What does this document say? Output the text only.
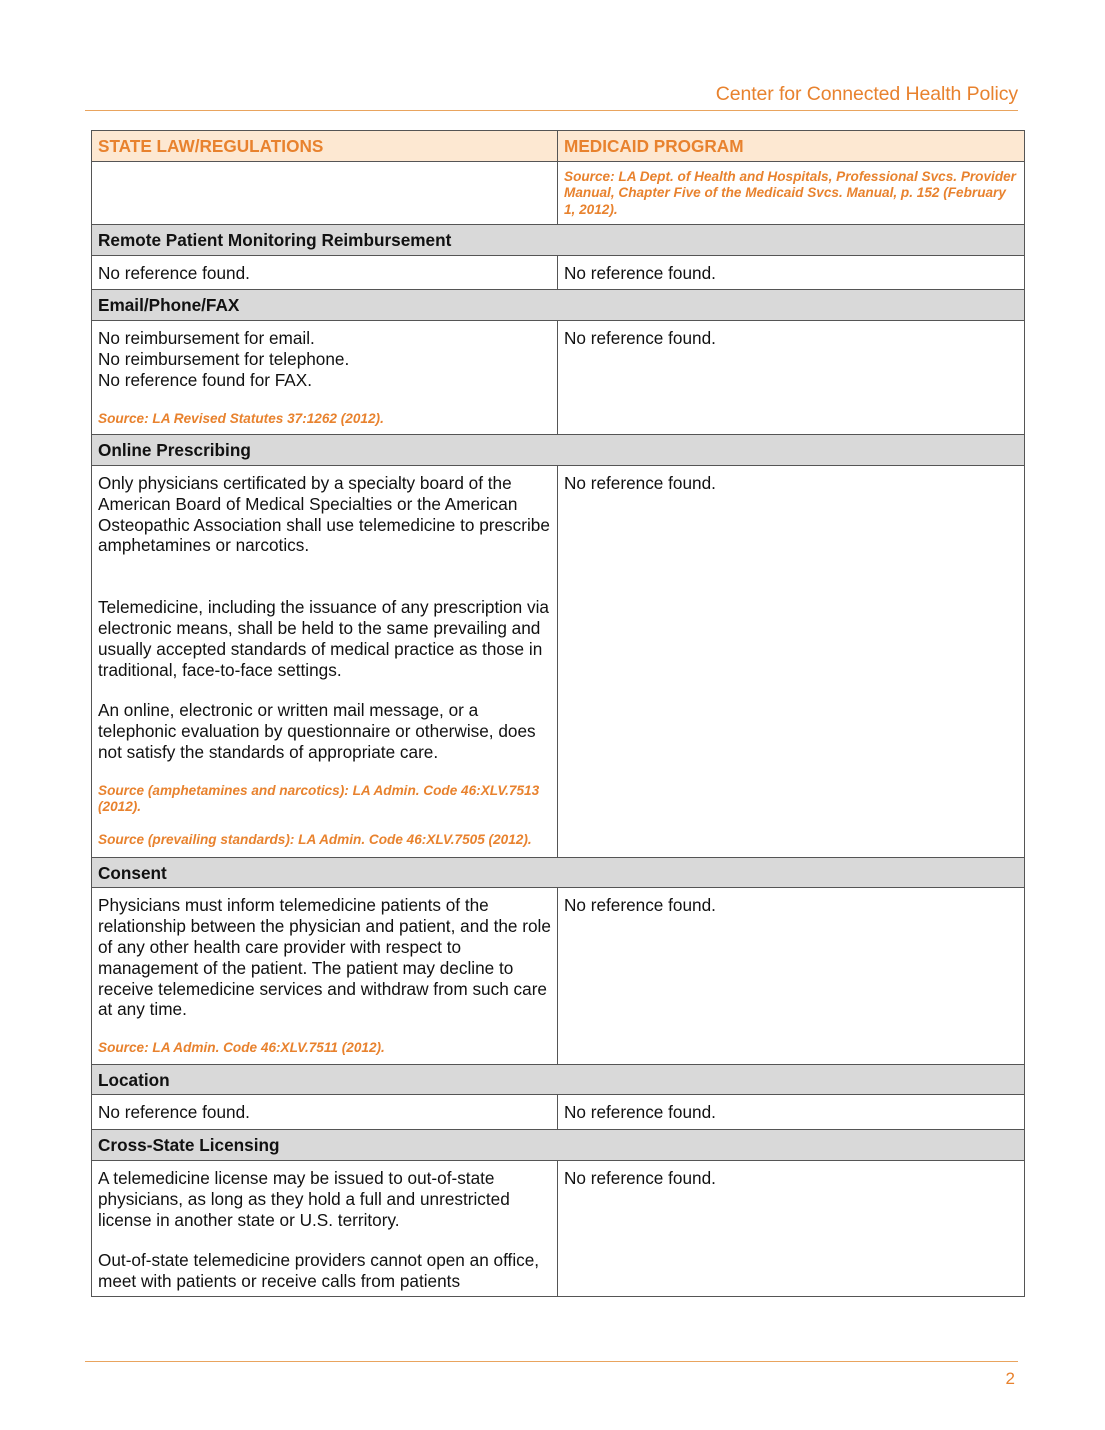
Center for Connected Health Policy
STATE LAW/REGULATIONS	MEDICAID PROGRAM

	Source: LA Dept. of Health and Hospitals, Professional Svcs. Provider Manual, Chapter Five of the Medicaid Svcs. Manual, p. 152 (February 1, 2012).

Remote Patient Monitoring Reimbursement	
No reference found.	No reference found.
Email/Phone/FAX	

No reimbursement for email.
No reimbursement for telephone.
No reference found for FAX.
Source: LA Revised Statutes 37:1262 (2012).	No reference found.
Online Prescribing	

Only physicians certificated by a specialty board of the American Board of Medical Specialties or the American Osteopathic Association shall use telemedicine to prescribe amphetamines or narcotics.
Telemedicine, including the issuance of any prescription via electronic means, shall be held to the same prevailing and usually accepted standards of medical practice as those in traditional, face-to-face settings.
An online, electronic or written mail message, or a telephonic evaluation by questionnaire or otherwise, does not satisfy the standards of appropriate care.
Source (amphetamines and narcotics): LA Admin. Code 46:XLV.7513 (2012).
Source (prevailing standards): LA Admin. Code 46:XLV.7505 (2012).	No reference found.
Consent	

Physicians must inform telemedicine patients of the relationship between the physician and patient, and the role of any other health care provider with respect to management of the patient. The patient may decline to receive telemedicine services and withdraw from such care at any time.
Source: LA Admin. Code 46:XLV.7511 (2012).	No reference found.
Location	
No reference found.	No reference found.
Cross-State Licensing	

A telemedicine license may be issued to out-of-state physicians, as long as they hold a full and unrestricted license in another state or U.S. territory.
Out-of-state telemedicine providers cannot open an office, meet with patients or receive calls from patients	No reference found.
2
